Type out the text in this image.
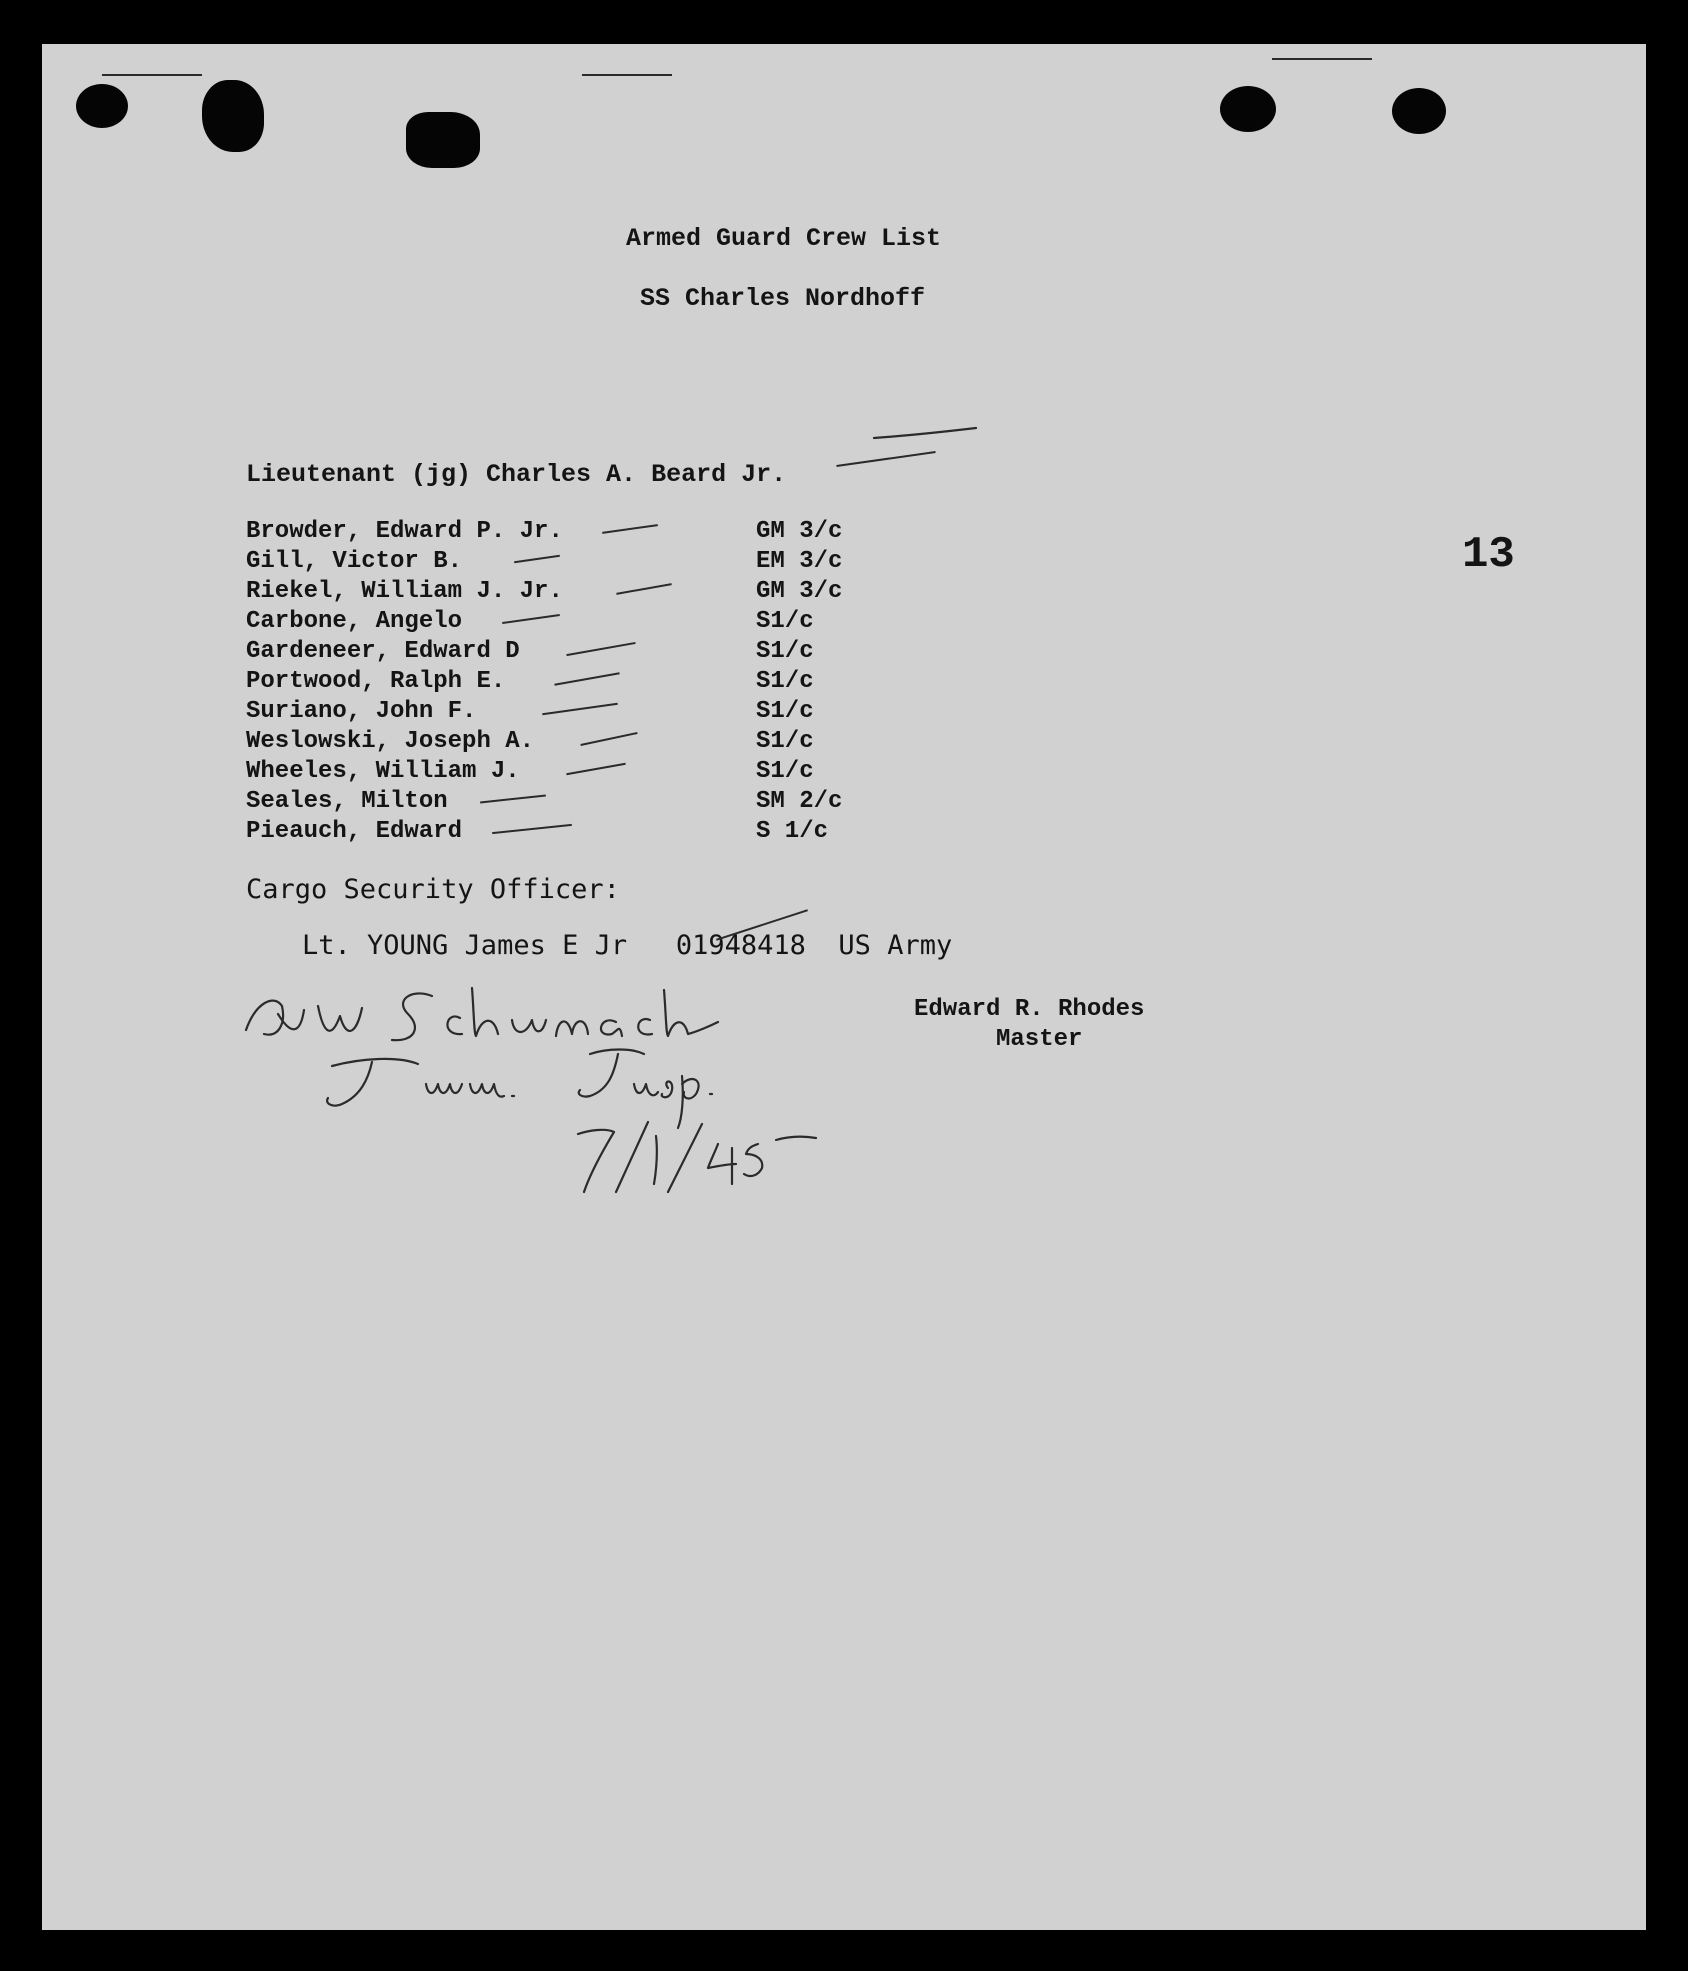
Armed Guard Crew List
SS Charles Nordhoff
13
Lieutenant (jg) Charles A. Beard Jr.
Browder, Edward P. Jr.	GM 3/c
Gill, Victor B.	EM 3/c
Riekel, William J. Jr.	GM 3/c
Carbone, Angelo	S1/c
Gardeneer, Edward D	S1/c
Portwood, Ralph E.	S1/c
Suriano, John F.	S1/c
Weslowski, Joseph A.	S1/c
Wheeles, William J.	S1/c
Seales, Milton	SM 2/c
Pieauch, Edward	S 1/c
Cargo Security Officer:
Lt. YOUNG James E Jr   01948418  US Army
Edward R. Rhodes
Master
